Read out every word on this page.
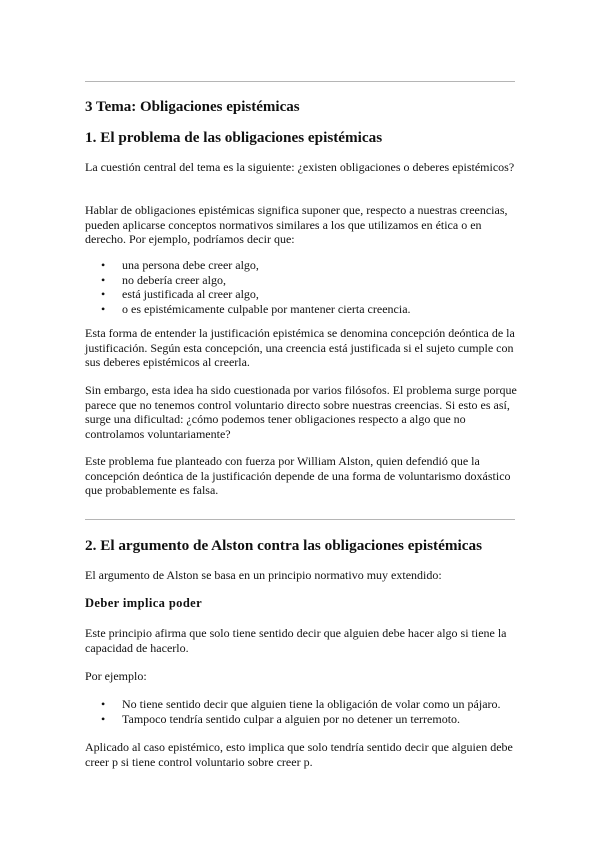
3 Tema: Obligaciones epistémicas
1. El problema de las obligaciones epistémicas

La cuestión central del tema es la siguiente: ¿existen obligaciones o deberes epistémicos?

Hablar de obligaciones epistémicas significa suponer que, respecto a nuestras creencias, pueden aplicarse conceptos normativos similares a los que utilizamos en ética o en derecho. Por ejemplo, podríamos decir que:

• una persona debe creer algo,
• no debería creer algo,
• está justificada al creer algo,
• o es epistémicamente culpable por mantener cierta creencia.

Esta forma de entender la justificación epistémica se denomina concepción deóntica de la justificación. Según esta concepción, una creencia está justificada si el sujeto cumple con sus deberes epistémicos al creerla.

Sin embargo, esta idea ha sido cuestionada por varios filósofos. El problema surge porque parece que no tenemos control voluntario directo sobre nuestras creencias. Si esto es así, surge una dificultad: ¿cómo podemos tener obligaciones respecto a algo que no controlamos voluntariamente?

Este problema fue planteado con fuerza por William Alston, quien defendió que la concepción deóntica de la justificación depende de una forma de voluntarismo doxástico que probablemente es falsa.

2. El argumento de Alston contra las obligaciones epistémicas

El argumento de Alston se basa en un principio normativo muy extendido:

Deber implica poder

Este principio afirma que solo tiene sentido decir que alguien debe hacer algo si tiene la capacidad de hacerlo.

Por ejemplo:

• No tiene sentido decir que alguien tiene la obligación de volar como un pájaro.
• Tampoco tendría sentido culpar a alguien por no detener un terremoto.

Aplicado al caso epistémico, esto implica que solo tendría sentido decir que alguien debe creer p si tiene control voluntario sobre creer p.
